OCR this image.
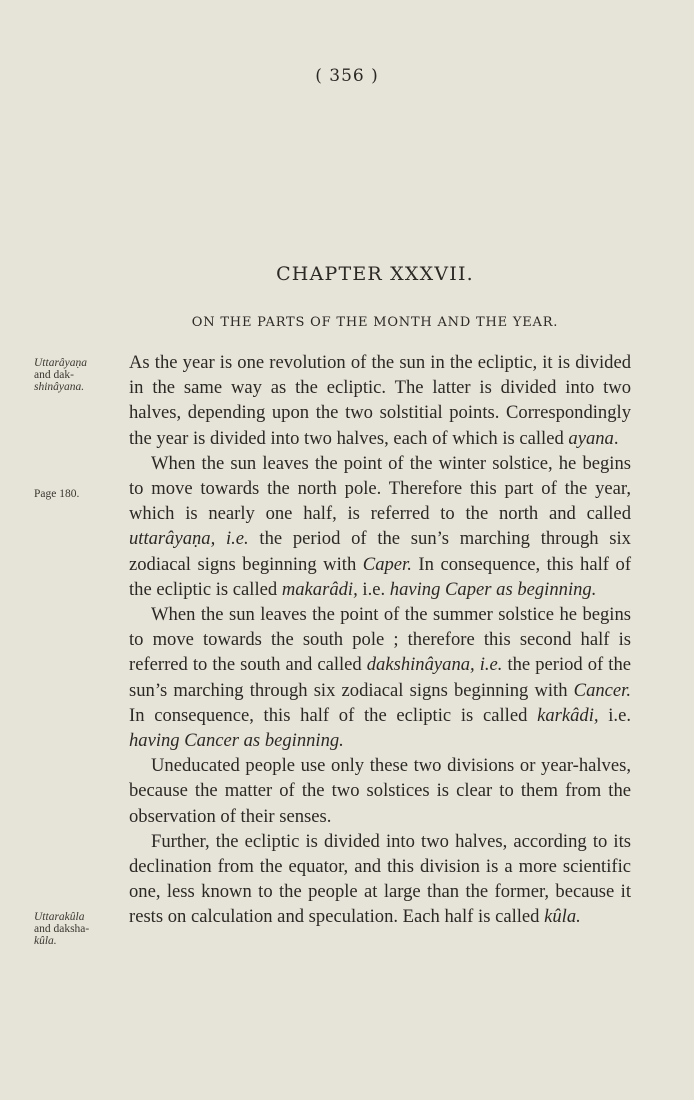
( 356 )
CHAPTER XXXVII.
ON THE PARTS OF THE MONTH AND THE YEAR.
Uttarâyaṇa
and dak-
shinâyana.
Page 180.
Uttarakûla
and daksha-
kûla.

As the year is one revolution of the sun in the ecliptic, it is divided in the same way as the ecliptic. The latter is divided into two halves, depending upon the two solstitial points. Correspondingly the year is divided into two halves, each of which is called ayana.

When the sun leaves the point of the winter solstice, he begins to move towards the north pole. Therefore this part of the year, which is nearly one half, is referred to the north and called uttarâyaṇa, i.e. the period of the sun’s marching through six zodiacal signs beginning with Caper. In consequence, this half of the ecliptic is called makarâdi, i.e. having Caper as beginning.

When the sun leaves the point of the summer solstice he begins to move towards the south pole ; therefore this second half is referred to the south and called dakshinâyana, i.e. the period of the sun’s marching through six zodiacal signs beginning with Cancer. In consequence, this half of the ecliptic is called karkâdi, i.e. having Cancer as beginning.

Uneducated people use only these two divisions or year-halves, because the matter of the two solstices is clear to them from the observation of their senses.

Further, the ecliptic is divided into two halves, according to its declination from the equator, and this division is a more scientific one, less known to the people at large than the former, because it rests on calculation and speculation. Each half is called kûla.
